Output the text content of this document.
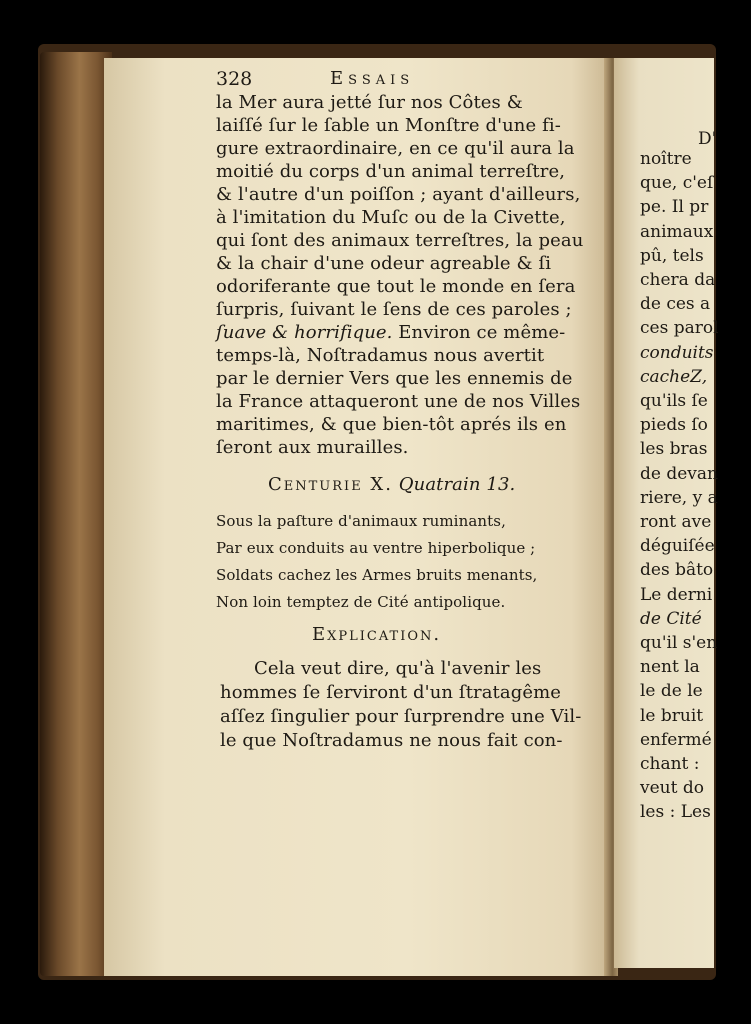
328	Essais
la Mer aura jetté ſur nos Côtes &
laiſſé ſur le ſable un Monſtre d'une fi-
gure extraordinaire, en ce qu'il aura la
moitié du corps d'un animal terreſtre,
& l'autre d'un poiſſon ; ayant d'ailleurs,
à l'imitation du Muſc ou de la Civette,
qui ſont des animaux terreſtres, la peau
& la chair d'une odeur agreable & ſi
odoriferante que tout le monde en ſera
ſurpris, ſuivant le ſens de ces paroles ;
ſuave & horrifique. Environ ce même-
temps-là, Noſtradamus nous avertit
par le dernier Vers que les ennemis de
la France attaqueront une de nos Villes
maritimes, & que bien-tôt aprés ils en
ſeront aux murailles.
Centurie X. Quatrain 13.
Sous la paſture d'animaux ruminants,
Par eux conduits au ventre hiperbolique ;
Soldats cachez les Armes bruits menants,
Non loin temptez de Cité antipolique.
Explication.
Cela veut dire, qu'à l'avenir les
hommes ſe ſerviront d'un ſtratagême
aſſez ſingulier pour ſurprendre une Vil-
le que Noſtradamus ne nous fait con-
D'
noître
que, c'eſ
pe. Il pr
animaux
pû, tels
chera da
de ces a
ces parol
conduits
cacheZ,
qu'ils ſe
pieds ſo
les bras
de devan
riere, y a
ront ave
déguiſée
des bâto
Le derni
de Cité
qu'il s'en
nent la
le de le
le bruit
enfermé
chant :
veut do
les : Les
